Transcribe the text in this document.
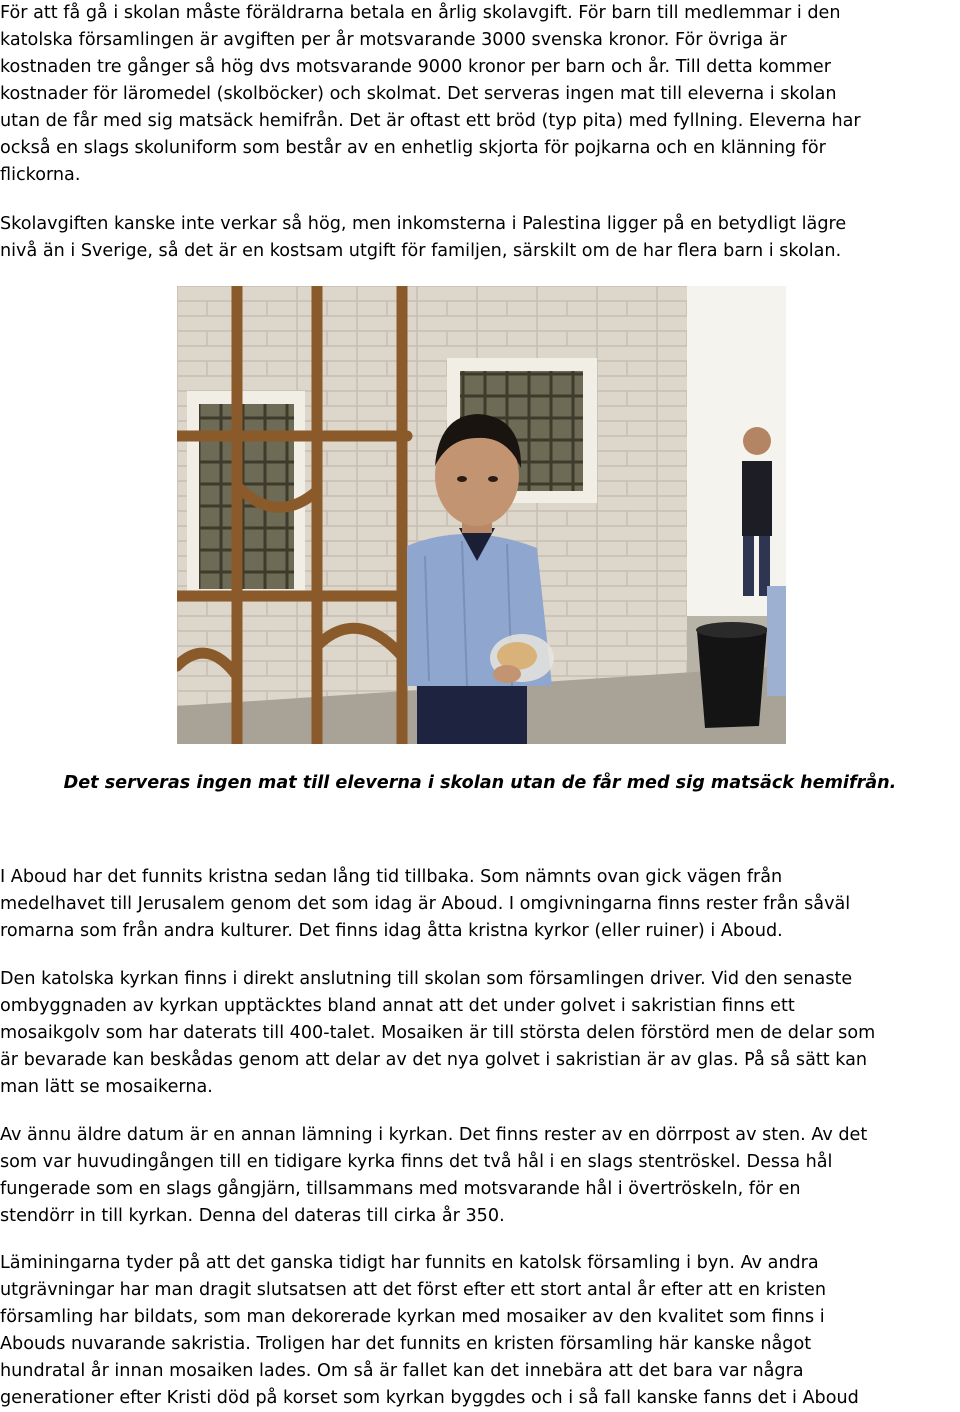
För att få gå i skolan måste föräldrarna betala en årlig skolavgift. För barn till medlemmar i den
katolska församlingen är avgiften per år motsvarande 3000 svenska kronor. För övriga är
kostnaden tre gånger så hög dvs motsvarande 9000 kronor per barn och år. Till detta kommer
kostnader för läromedel (skolböcker) och skolmat. Det serveras ingen mat till eleverna i skolan
utan de får med sig matsäck hemifrån. Det är oftast ett bröd (typ pita) med fyllning. Eleverna har
också en slags skoluniform som består av en enhetlig skjorta för pojkarna och en klänning för
flickorna.
Skolavgiften kanske inte verkar så hög, men inkomsterna i Palestina ligger på en betydligt lägre
nivå än i Sverige, så det är en kostsam utgift för familjen, särskilt om de har flera barn i skolan.

Det serveras ingen mat till eleverna i skolan utan de får med sig matsäck hemifrån.

I Aboud har det funnits kristna sedan lång tid tillbaka. Som nämnts ovan gick vägen från
medelhavet till Jerusalem genom det som idag är Aboud. I omgivningarna finns rester från såväl
romarna som från andra kulturer. Det finns idag åtta kristna kyrkor (eller ruiner) i Aboud.
Den katolska kyrkan finns i direkt anslutning till skolan som församlingen driver. Vid den senaste
ombyggnaden av kyrkan upptäcktes bland annat att det under golvet i sakristian finns ett
mosaikgolv som har daterats till 400-talet. Mosaiken är till största delen förstörd men de delar som
är bevarade kan beskådas genom att delar av det nya golvet i sakristian är av glas. På så sätt kan
man lätt se mosaikerna.
Av ännu äldre datum är en annan lämning i kyrkan. Det finns rester av en dörrpost av sten. Av det
som var huvudingången till en tidigare kyrka finns det två hål i en slags stentröskel. Dessa hål
fungerade som en slags gångjärn, tillsammans med motsvarande hål i övertröskeln, för en
stendörr in till kyrkan. Denna del dateras till cirka år 350.
Läminingarna tyder på att det ganska tidigt har funnits en katolsk församling i byn. Av andra
utgrävningar har man dragit slutsatsen att det först efter ett stort antal år efter att en kristen
församling har bildats, som man dekorerade kyrkan med mosaiker av den kvalitet som finns i
Abouds nuvarande sakristia. Troligen har det funnits en kristen församling här kanske något
hundratal år innan mosaiken lades. Om så är fallet kan det innebära att det bara var några
generationer efter Kristi död på korset som kyrkan byggdes och i så fall kanske fanns det i Aboud
